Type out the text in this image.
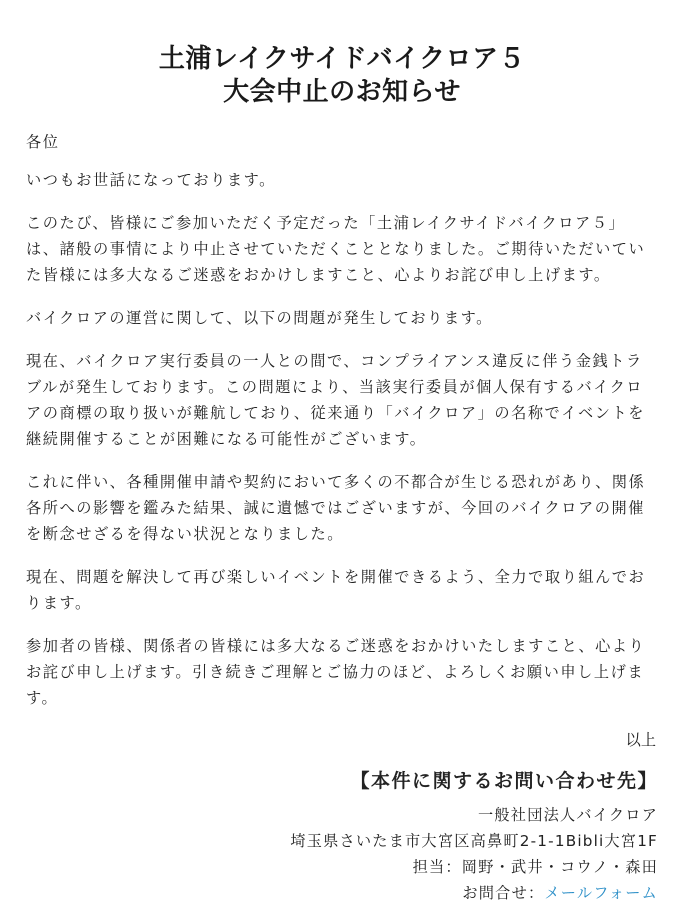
土浦レイクサイドバイクロア５
大会中止のお知らせ

各位

いつもお世話になっております。

このたび、皆様にご参加いただく予定だった「土浦レイクサイドバイクロア５」は、諸般の事情により中止させていただくこととなりました。ご期待いただいていた皆様には多大なるご迷惑をおかけしますこと、心よりお詫び申し上げます。

バイクロアの運営に関して、以下の問題が発生しております。

現在、バイクロア実行委員の一人との間で、コンプライアンス違反に伴う金銭トラブルが発生しております。この問題により、当該実行委員が個人保有するバイクロアの商標の取り扱いが難航しており、従来通り「バイクロア」の名称でイベントを継続開催することが困難になる可能性がございます。

これに伴い、各種開催申請や契約において多くの不都合が生じる恐れがあり、関係各所への影響を鑑みた結果、誠に遺憾ではございますが、今回のバイクロアの開催を断念せざるを得ない状況となりました。

現在、問題を解決して再び楽しいイベントを開催できるよう、全力で取り組んでおります。

参加者の皆様、関係者の皆様には多大なるご迷惑をおかけいたしますこと、心よりお詫び申し上げます。引き続きご理解とご協力のほど、よろしくお願い申し上げます。

以上
【本件に関するお問い合わせ先】
一般社団法人バイクロア
埼玉県さいたま市大宮区高鼻町2-1-1Bibli大宮1F
担当：岡野・武井・コウノ・森田
お問合せ：メールフォーム
